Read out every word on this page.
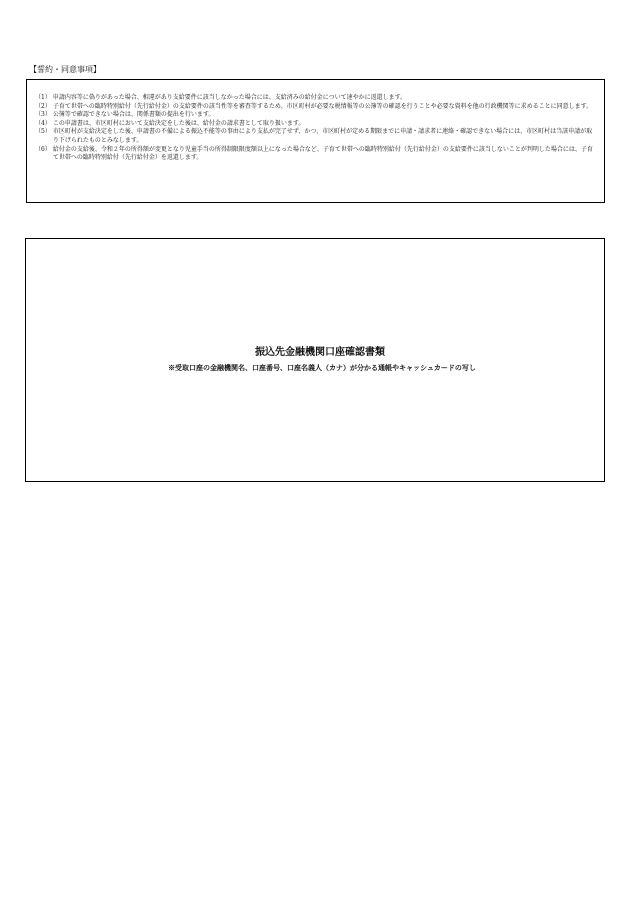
【誓約・同意事項】
（1） 申請内容等に偽りがあった場合、相違があり支給要件に該当しなかった場合には、支給済みの給付金について速やかに返還します。
（2） 子育て世帯への臨時特別給付（先行給付金）の支給要件の該当性等を審査等するため、市区町村が必要な税情報等の公簿等の確認を行うことや必要な資料を他の行政機関等に求めることに同意します。
（3） 公簿等で確認できない場合は、関係書類の提出を行います。
（4） この申請書は、市区町村において支給決定をした後は、給付金の請求書として取り扱います。
（5） 市区町村が支給決定をした後、申請書の不備による振込不能等の事由により支払が完了せず、かつ、市区町村が定める期限までに申請・請求者に連絡・確認できない場合には、市区町村は当該申請が取り下げられたものとみなします。
（6） 給付金の支給後、令和２年の所得額が変更となり児童手当の所得制限限度額以上になった場合など、子育て世帯への臨時特別給付（先行給付金）の支給要件に該当しないことが判明した場合には、子育て世帯への臨時特別給付（先行給付金）を返還します。
振込先金融機関口座確認書類
※受取口座の金融機関名、口座番号、口座名義人（カナ）が分かる通帳やキャッシュカードの写し
